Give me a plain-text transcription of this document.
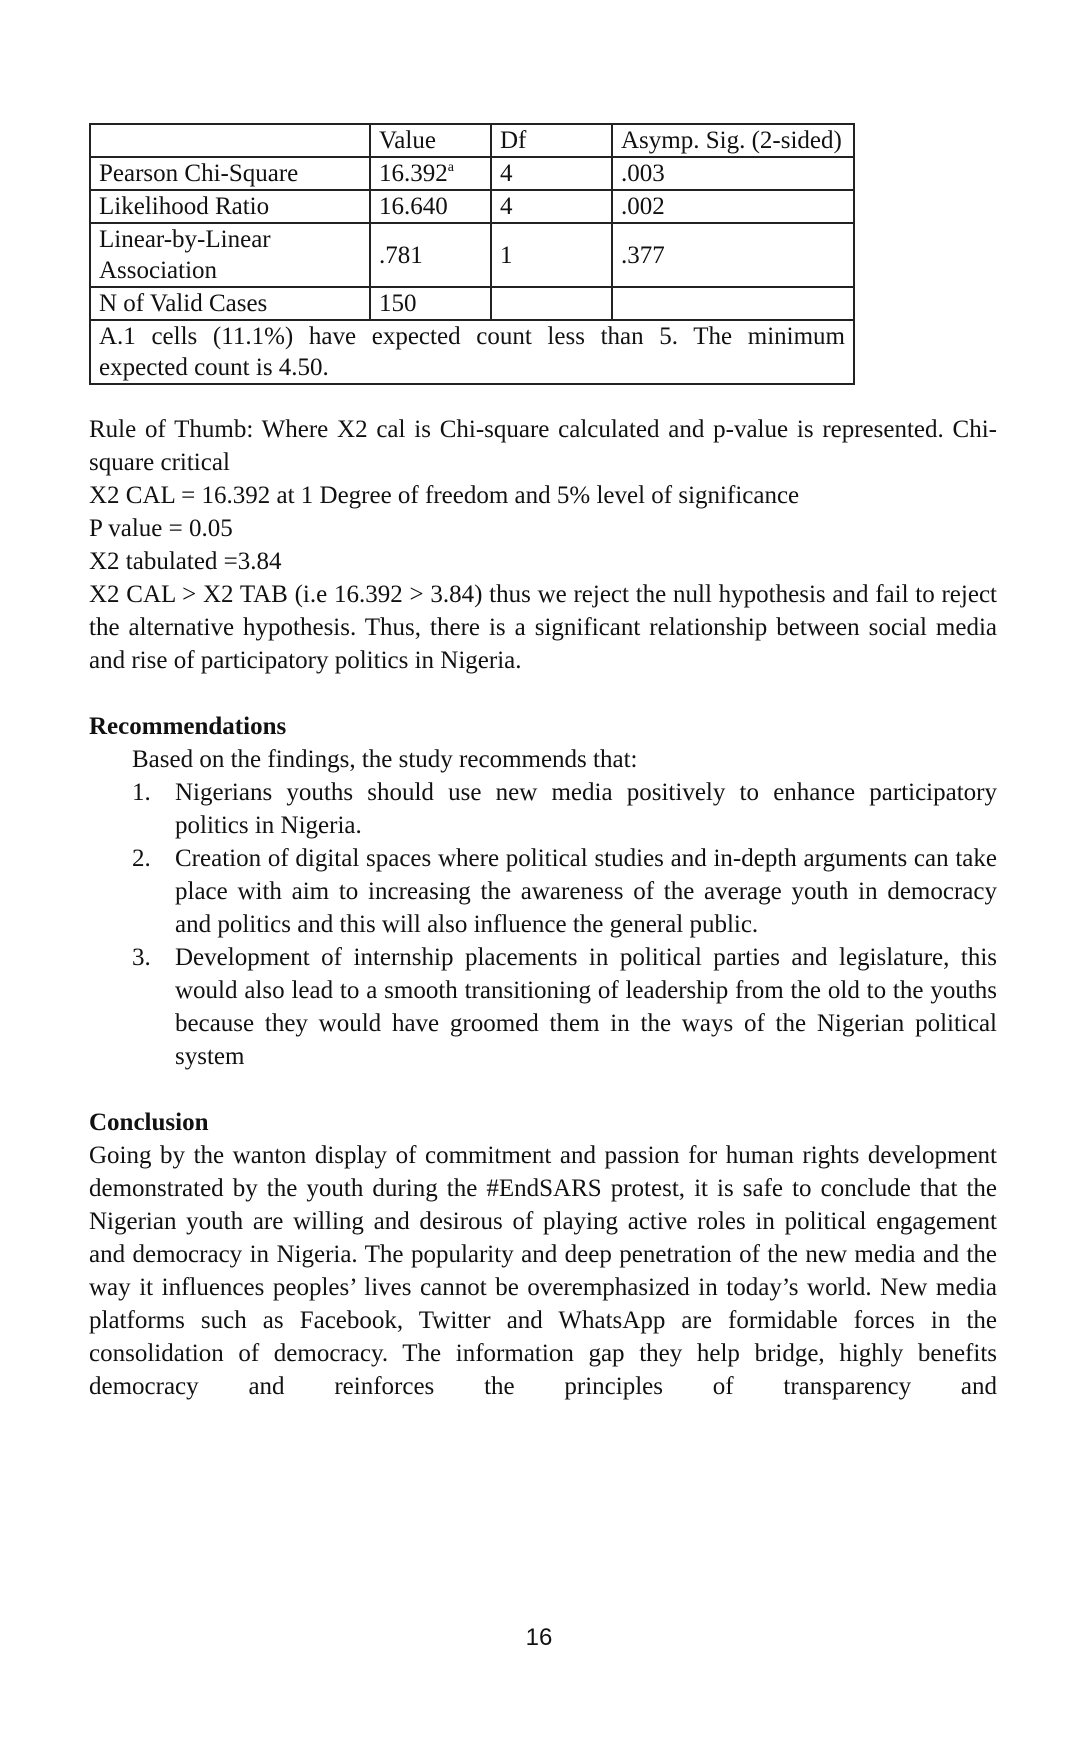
	Value	Df	Asymp. Sig. (2-sided)
Pearson Chi-Square	16.392$^a$	4	.003
Likelihood Ratio	16.640	4	.002
Linear-by-Linear Association	.781	1	.377
N of Valid Cases	150		
A.1 cells (11.1%) have expected count less than 5. The minimum expected count is 4.50.			

Rule of Thumb: Where X2 cal is Chi-square calculated and p-value is represented. Chi-square critical

X2 CAL = 16.392 at 1 Degree of freedom and 5% level of significance

P value = 0.05

X2 tabulated =3.84

X2 CAL > X2 TAB (i.e 16.392 > 3.84) thus we reject the null hypothesis and fail to reject the alternative hypothesis. Thus, there is a significant relationship between social media and rise of participatory politics in Nigeria.

Recommendations

Based on the findings, the study recommends that:

1. Nigerians youths should use new media positively to enhance participatory politics in Nigeria.
2. Creation of digital spaces where political studies and in-depth arguments can take place with aim to increasing the awareness of the average youth in democracy and politics and this will also influence the general public.
3. Development of internship placements in political parties and legislature, this would also lead to a smooth transitioning of leadership from the old to the youths because they would have groomed them in the ways of the Nigerian political system
Conclusion

Going by the wanton display of commitment and passion for human rights development demonstrated by the youth during the #EndSARS protest, it is safe to conclude that the Nigerian youth are willing and desirous of playing active roles in political engagement and democracy in Nigeria. The popularity and deep penetration of the new media and the way it influences peoples’ lives cannot be overemphasized in today’s world. New media platforms such as Facebook, Twitter and WhatsApp are formidable forces in the consolidation of democracy. The information gap they help bridge, highly benefits democracy and reinforces the principles of transparency and

16
